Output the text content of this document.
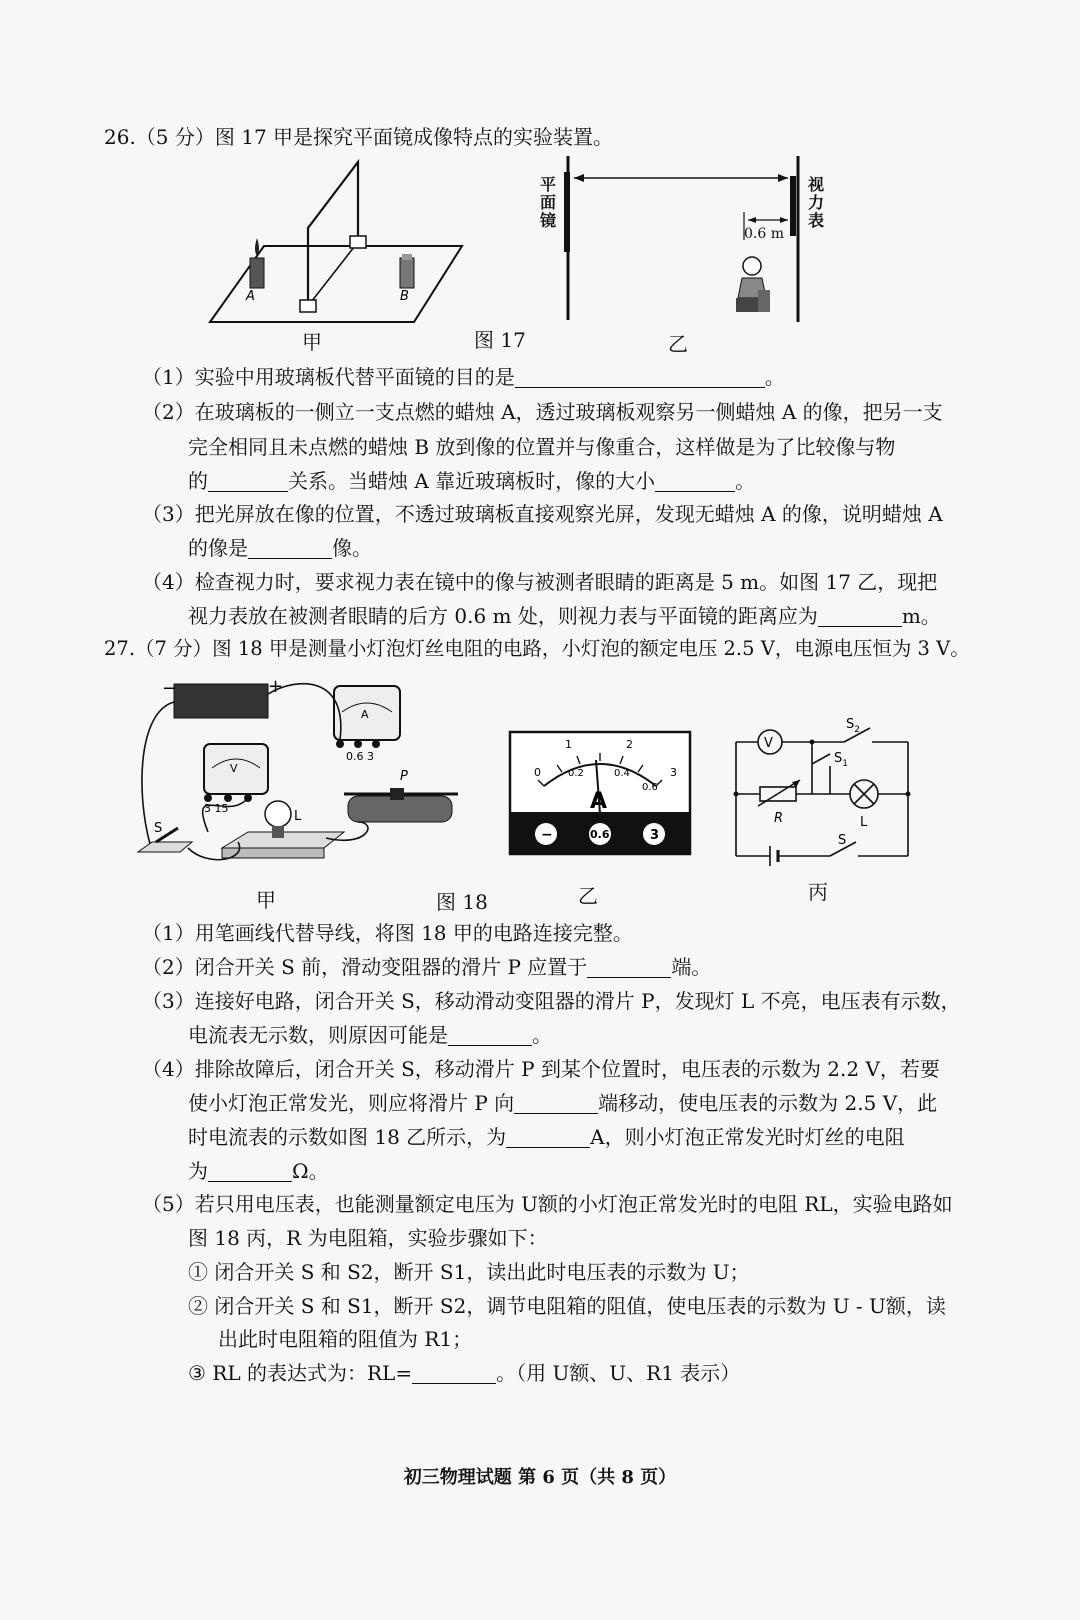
26.（5 分）图 17 甲是探究平面镜成像特点的实验装置。
A	B
甲	图 17	乙
平面镜
视力表
0.6 m
（1）实验中用玻璃板代替平面镜的目的是	。
（2）在玻璃板的一侧立一支点燃的蜡烛 A，透过玻璃板观察另一侧蜡烛 A 的像，把另一支
完全相同且未点燃的蜡烛 B 放到像的位置并与像重合，这样做是为了比较像与物
的	关系。当蜡烛 A 靠近玻璃板时，像的大小	。
（3）把光屏放在像的位置，不透过玻璃板直接观察光屏，发现无蜡烛 A 的像，说明蜡烛 A
的像是	像。
（4）检查视力时，要求视力表在镜中的像与被测者眼睛的距离是 5 m。如图 17 乙，现把
视力表放在被测者眼睛的后方 0.6 m 处，则视力表与平面镜的距离应为	m。
27.（7 分）图 18 甲是测量小灯泡灯丝电阻的电路，小灯泡的额定电压 2.5 V，电源电压恒为 3 V。
−	+
A
0.6 3
V
3 15
P
L
S
甲	图 18
0
1	2
3
0.2	0.4
0.6
A
−	0.6	3
乙
V
$S_2$
$S_1$
R	L
S
丙
（1）用笔画线代替导线，将图 18 甲的电路连接完整。
（2）闭合开关 S 前，滑动变阻器的滑片 P 应置于	端。
（3）连接好电路，闭合开关 S，移动滑动变阻器的滑片 P，发现灯 L 不亮，电压表有示数，
电流表无示数，则原因可能是	。
（4）排除故障后，闭合开关 S，移动滑片 P 到某个位置时，电压表的示数为 2.2 V，若要
使小灯泡正常发光，则应将滑片 P 向	端移动，使电压表的示数为 2.5 V，此
时电流表的示数如图 18 乙所示，为	A，则小灯泡正常发光时灯丝的电阻
为	Ω。
（5）若只用电压表，也能测量额定电压为 U额的小灯泡正常发光时的电阻 RL，实验电路如
图 18 丙，R 为电阻箱，实验步骤如下：
① 闭合开关 S 和 S2，断开 S1，读出此时电压表的示数为 U；
② 闭合开关 S 和 S1，断开 S2，调节电阻箱的阻值，使电压表的示数为 U - U额，读
出此时电阻箱的阻值为 R1；
③ RL 的表达式为：RL=	。（用 U额、U、R1 表示）
初三物理试题 第 6 页（共 8 页）
